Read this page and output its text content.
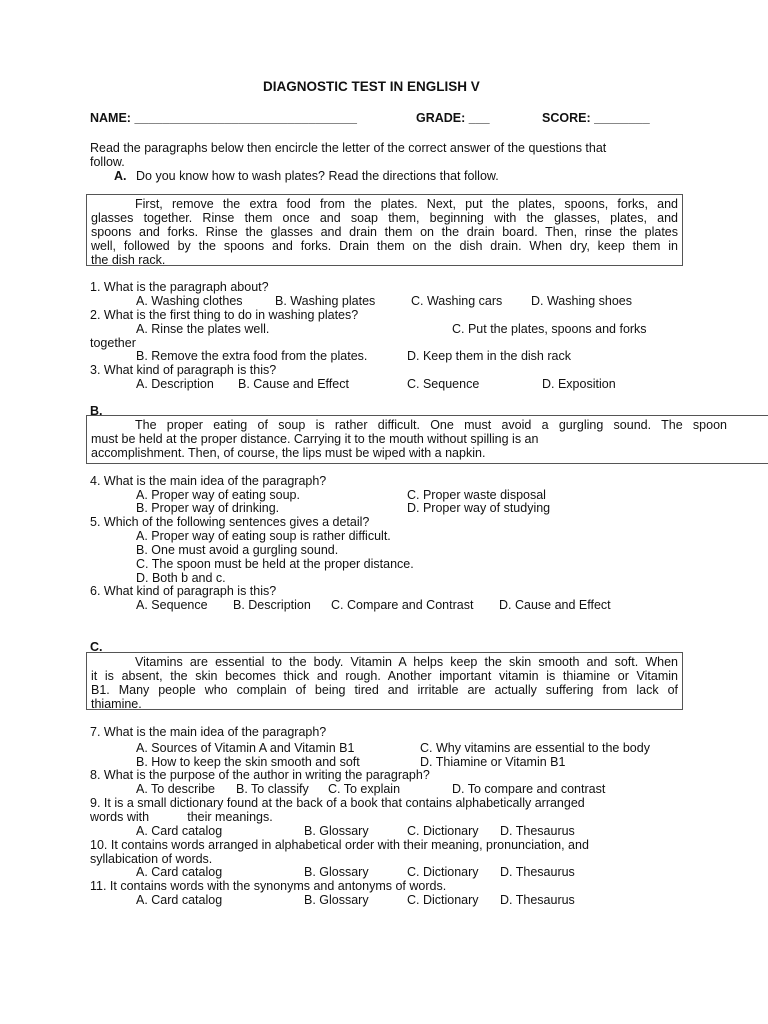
DIAGNOSTIC TEST IN ENGLISH V
NAME: ________________________________	GRADE: ___	SCORE: ________
Read the paragraphs below then encircle the letter of the correct answer of the questions that
follow.
A. Do you know how to wash plates? Read the directions that follow.
First, remove the extra food from the plates. Next, put the plates, spoons, forks, and
glasses together. Rinse them once and soap them, beginning with the glasses, plates, and
spoons and forks. Rinse the glasses and drain them on the drain board. Then, rinse the plates
well, followed by the spoons and forks. Drain them on the dish drain. When dry, keep them in
the dish rack.
1. What is the paragraph about?
A. Washing clothes	B. Washing plates	C. Washing cars D. Washing shoes
2. What is the first thing to do in washing plates?
A. Rinse the plates well.	C. Put the plates, spoons and forks
together
B. Remove the extra food from the plates.	D. Keep them in the dish rack
3. What kind of paragraph is this?
A. Description B. Cause and Effect	C. Sequence	D. Exposition
B.
The proper eating of soup is rather difficult. One must avoid a gurgling sound. The spoon
must be held at the proper distance. Carrying it to the mouth without spilling is an
accomplishment. Then, of course, the lips must be wiped with a napkin.
4. What is the main idea of the paragraph?
A. Proper way of eating soup.	C. Proper waste disposal
B. Proper way of drinking.	D. Proper way of studying
5. Which of the following sentences gives a detail?
A. Proper way of eating soup is rather difficult.
B. One must avoid a gurgling sound.
C. The spoon must be held at the proper distance.
D. Both b and c.
6. What kind of paragraph is this?
A. Sequence B. Description C. Compare and Contrast D. Cause and Effect
C.
Vitamins are essential to the body. Vitamin A helps keep the skin smooth and soft. When
it is absent, the skin becomes thick and rough. Another important vitamin is thiamine or Vitamin
B1. Many people who complain of being tired and irritable are actually suffering from lack of
thiamine.
7. What is the main idea of the paragraph?
A. Sources of Vitamin A and Vitamin B1	C. Why vitamins are essential to the body
B. How to keep the skin smooth and soft	D. Thiamine or Vitamin B1
8. What is the purpose of the author in writing the paragraph?
A. To describe B. To classify C. To explain	D. To compare and contrast
9. It is a small dictionary found at the back of a book that contains alphabetically arranged
words with           their meanings.
A. Card catalog	B. Glossary	C. Dictionary D. Thesaurus
10. It contains words arranged in alphabetical order with their meaning, pronunciation, and
syllabication of words.
A. Card catalog	B. Glossary	C. Dictionary D. Thesaurus
11. It contains words with the synonyms and antonyms of words.
A. Card catalog	B. Glossary	C. Dictionary D. Thesaurus
